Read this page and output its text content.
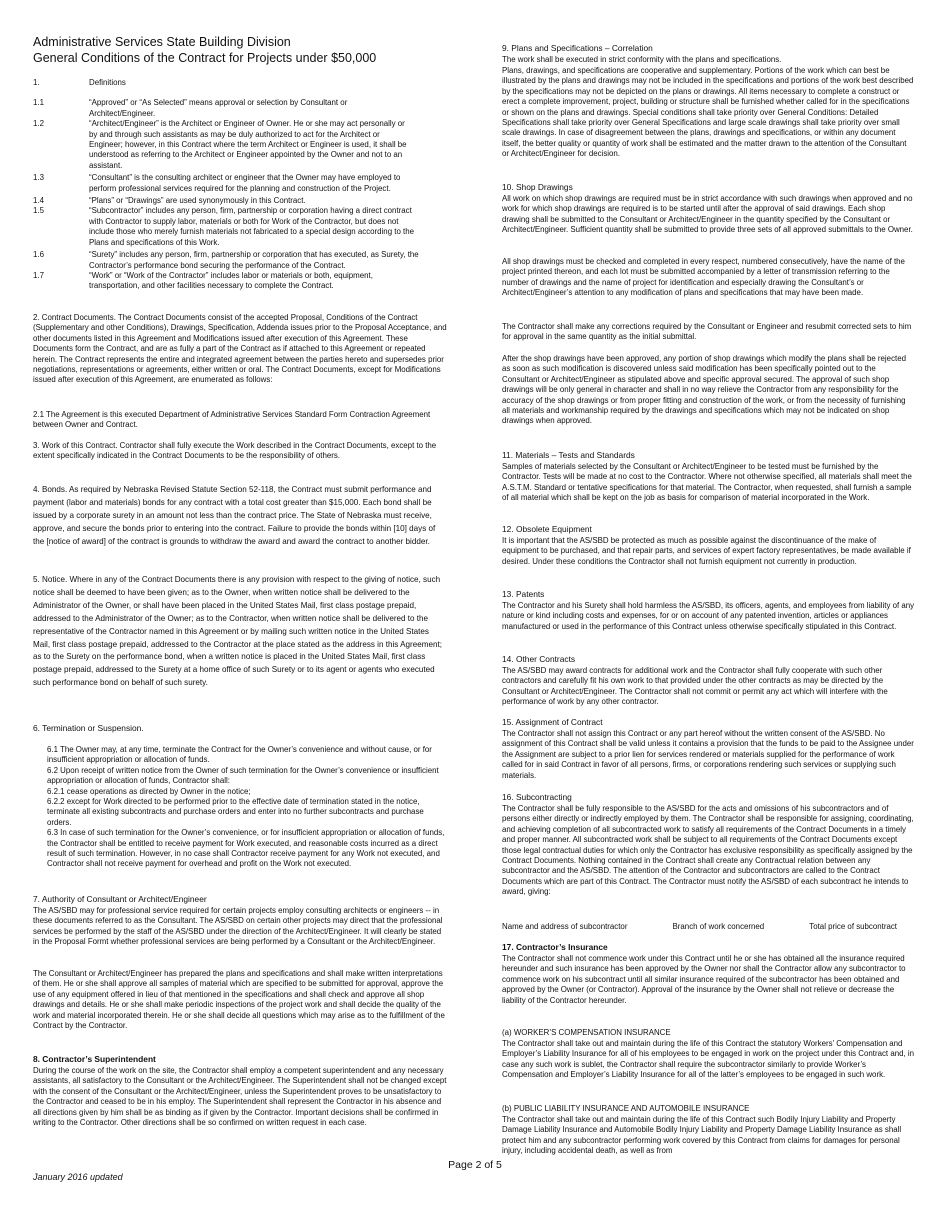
Administrative Services State Building Division
General Conditions of the Contract for Projects under $50,000
1.	Definitions
1.1	“Approved” or “As Selected” means approval or selection by Consultant or Architect/Engineer.
1.2	“Architect/Engineer” is the Architect or Engineer of Owner. He or she may act personally or by and through such assistants as may be duly authorized to act for the Architect or Engineer; however, in this Contract where the term Architect or Engineer is used, it shall be understood as referring to the Architect or Engineer appointed by the Owner and not to an assistant.
1.3	“Consultant” is the consulting architect or engineer that the Owner may have employed to perform professional services required for the planning and construction of the Project.
1.4	“Plans” or “Drawings” are used synonymously in this Contract.
1.5	“Subcontractor” includes any person, firm, partnership or corporation having a direct contract with Contractor to supply labor, materials or both for Work of the Contractor, but does not include those who merely furnish materials not fabricated to a special design according to the Plans and specifications of this Work.
1.6	“Surety” includes any person, firm, partnership or corporation that has executed, as Surety, the Contractor’s performance bond securing the performance of the Contract.
1.7	“Work” or “Work of the Contractor” includes labor or materials or both, equipment, transportation, and other facilities necessary to complete the Contract.

2. Contract Documents. The Contract Documents consist of the accepted Proposal, Conditions of the Contract (Supplementary and other Conditions), Drawings, Specification, Addenda issues prior to the Proposal Acceptance, and other documents listed in this Agreement and Modifications issued after execution of this Agreement. These Documents form the Contract, and are as fully a part of the Contract as if attached to this Agreement or repeated herein. The Contract represents the entire and integrated agreement between the parties hereto and supersedes prior negotiations, representations or agreements, either written or oral. The Contract Documents, except for Modifications issued after execution of this Agreement, are enumerated as follows:

2.1 The Agreement is this executed Department of Administrative Services Standard Form Contraction Agreement between Owner and Contract.

3. Work of this Contract. Contractor shall fully execute the Work described in the Contract Documents, except to the extent specifically indicated in the Contract Documents to be the responsibility of others.

4. Bonds. As required by Nebraska Revised Statute Section 52-118, the Contract must submit performance and payment (labor and materials) bonds for any contract with a total cost greater than $15,000. Each bond shall be issued by a corporate surety in an amount not less than the contract price. The State of Nebraska must receive, approve, and secure the bonds prior to entering into the contract. Failure to provide the bonds within [10] days of the [notice of award] of the contract is grounds to withdraw the award and award the contract to another bidder.

5. Notice. Where in any of the Contract Documents there is any provision with respect to the giving of notice, such notice shall be deemed to have been given; as to the Owner, when written notice shall be delivered to the Administrator of the Owner, or shall have been placed in the United States Mail, first class postage prepaid, addressed to the Administrator of the Owner; as to the Contractor, when written notice shall be delivered to the representative of the Contractor named in this Agreement or by mailing such written notice in the United States Mail, first class postage prepaid, addressed to the Contractor at the place stated as the address in this Agreement; as to the Surety on the performance bond, when a written notice is placed in the United States Mail, first class postage prepaid, addressed to the Surety at a home office of such Surety or to its agent or agents who executed such performance bond on behalf of such surety.

6. Termination or Suspension.

6.1 The Owner may, at any time, terminate the Contract for the Owner’s convenience and without cause, or for insufficient appropriation or allocation of funds.

6.2 Upon receipt of written notice from the Owner of such termination for the Owner’s convenience or insufficient appropriation or allocation of funds, Contractor shall:

6.2.1 cease operations as directed by Owner in the notice;

6.2.2 except for Work directed to be performed prior to the effective date of termination stated in the notice, terminate all existing subcontracts and purchase orders and enter into no further subcontracts and purchase orders.

6.3 In case of such termination for the Owner’s convenience, or for insufficient appropriation or allocation of funds, the Contractor shall be entitled to receive payment for Work executed, and reasonable costs incurred as a direct result of such termination. However, in no case shall Contractor receive payment for any Work not executed, and Contractor shall not receive payment for overhead and profit on the Work not executed.

7. Authority of Consultant or Architect/Engineer

The AS/SBD may for professional service required for certain projects employ consulting architects or engineers -- in these documents referred to as the Consultant. The AS/SBD on certain other projects may direct that the professional services be performed by the staff of the AS/SBD under the direction of the Architect/Engineer. It will clearly be stated in the Proposal Formt whether professional services are being performed by a Consultant or the Architect/Engineer.

The Consultant or Architect/Engineer has prepared the plans and specifications and shall make written interpretations of them. He or she shall approve all samples of material which are specified to be submitted for approval, approve the use of any equipment offered in lieu of that mentioned in the specifications and shall check and approve all shop drawings and details. He or she shall make periodic inspections of the project work and shall decide the quality of the work and material incorporated therein. He or she shall decide all questions which may arise as to the fulfillment of the Contract by the Contractor.

8. Contractor’s Superintendent

During the course of the work on the site, the Contractor shall employ a competent superintendent and any necessary assistants, all satisfactory to the Consultant or the Architect/Engineer. The Superintendent shall not be changed except with the consent of the Consultant or the Architect/Engineer, unless the Superintendent proves to be unsatisfactory to the Contractor and ceased to be in his employ. The Superintendent shall represent the Contractor in his absence and all directions given by him shall be as binding as if given by the Contractor. Important decisions shall be confirmed in writing to the Contractor. Other directions shall be so confirmed on written request in each case.

9. Plans and Specifications – Correlation

The work shall be executed in strict conformity with the plans and specifications.

Plans, drawings, and specifications are cooperative and supplementary. Portions of the work which can best be illustrated by the plans and drawings may not be included in the specifications and portions of the work best described by the specifications may not be depicted on the plans or drawings. All items necessary to complete a construct or erect a complete improvement, project, building or structure shall be furnished whether called for in the specifications or shown on the plans and drawings. Special conditions shall take priority over General Conditions: Detailed Specifications shall take priority over General Specifications and large scale drawings shall take priority over small scale drawings. In case of disagreement between the plans, drawings and specifications, or within any document itself, the better quality or quantity of work shall be estimated and the matter drawn to the attention of the Consultant or Architect/Engineer for decision.

10. Shop Drawings

All work on which shop drawings are required must be in strict accordance with such drawings when approved and no work for which shop drawings are required is to be started until after the approval of said drawings. Each shop drawing shall be submitted to the Consultant or Architect/Engineer in the quantity specified by the Consultant or Architect/Engineer. Sufficient quantity shall be submitted to provide three sets of all approved submittals to the Owner.

All shop drawings must be checked and completed in every respect, numbered consecutively, have the name of the project printed thereon, and each lot must be submitted accompanied by a letter of transmission referring to the number of drawings and the name of project for identification and especially drawing the Consultant’s or Architect/Engineer’s attention to any modification of plans and specifications that may have been made.

The Contractor shall make any corrections required by the Consultant or Engineer and resubmit corrected sets to him for approval in the same quantity as the initial submittal.

After the shop drawings have been approved, any portion of shop drawings which modify the plans shall be rejected as soon as such modification is discovered unless said modification has been specifically pointed out to the Consultant or Architect/Engineer as stipulated above and specific approval secured. The approval of such shop drawings will be only general in character and shall in no way relieve the Contractor from any responsibility for the accuracy of the shop drawings or from proper fitting and construction of the work, or from the necessity of furnishing all materials and workmanship required by the drawings and specifications which may not be indicated on shop drawings when approved.

11. Materials – Tests and Standards

Samples of materials selected by the Consultant or Architect/Engineer to be tested must be furnished by the Contractor. Tests will be made at no cost to the Contractor. Where not otherwise specified, all materials shall meet the A.S.T.M. Standard or tentative specifications for that material. The Contractor, when requested, shall furnish a sample of all material which shall be kept on the job as basis for comparison of material incorporated in the Work.

12. Obsolete Equipment

It is important that the AS/SBD be protected as much as possible against the discontinuance of the make of equipment to be purchased, and that repair parts, and services of expert factory representatives, be made available if desired. Under these conditions the Contractor shall not furnish equipment not currently in production.

13. Patents

The Contractor and his Surety shall hold harmless the AS/SBD, its officers, agents, and employees from liability of any nature or kind including costs and expenses, for or on account of any patented invention, articles or appliances manufactured or used in the performance of this Contract unless otherwise specifically stipulated in this Contract.

14. Other Contracts

The AS/SBD may award contracts for additional work and the Contractor shall fully cooperate with such other contractors and carefully fit his own work to that provided under the other contracts as may be directed by the Consultant or Architect/Engineer. The Contractor shall not commit or permit any act which will interfere with the performance of work by any other contractor.

15. Assignment of Contract

The Contractor shall not assign this Contract or any part hereof without the written consent of the AS/SBD. No assignment of this Contract shall be valid unless it contains a provision that the funds to be paid to the Assignee under the Assignment are subject to a prior lien for services rendered or materials supplied for the performance of work called for in said Contract in favor of all persons, firms, or corporations rendering such services or supplying such materials.

16. Subcontracting

The Contractor shall be fully responsible to the AS/SBD for the acts and omissions of his subcontractors and of persons either directly or indirectly employed by them. The Contractor shall be responsible for assigning, coordinating, and achieving completion of all subcontracted work to satisfy all requirements of the Contract Documents in a timely and proper manner. All subcontracted work shall be subject to all requirements of the Contract Documents except those legal contractual duties for which only the Contractor has exclusive responsibility as specifically assigned by the Contract Documents. Nothing contained in the Contract shall create any Contractual relation between any subcontractor and the AS/SBD. The attention of the Contractor and subcontractors are called to the Contract Documents which are part of this Contract. The Contractor must notify the AS/SBD of each subcontract he intends to award, giving:

Name and address of subcontractor	Branch of work concerned	Total price of subcontract

17. Contractor’s Insurance

The Contractor shall not commence work under this Contract until he or she has obtained all the insurance required hereunder and such insurance has been approved by the Owner nor shall the Contractor allow any subcontractor to commence work on his subcontract until all similar insurance required of the subcontractor has been obtained and approved by the Owner (or Contractor). Approval of the insurance by the Owner shall not relieve or decrease the liability of the Contractor hereunder.

(a) WORKER’S COMPENSATION INSURANCE

The Contractor shall take out and maintain during the life of this Contract the statutory Workers’ Compensation and Employer’s Liability Insurance for all of his employees to be engaged in work on the project under this Contract and, in case any such work is sublet, the Contractor shall require the subcontractor similarly to provide Worker’s Compensation and Employer’s Liability Insurance for all of the latter’s employees to be engaged in such work.

(b) PUBLIC LIABILITY INSURANCE AND AUTOMOBILE INSURANCE

The Contractor shall take out and maintain during the life of this Contract such Bodily Injury Liability and Property Damage Liability Insurance and Automobile Bodily Injury Liability and Property Damage Liability Insurance as shall protect him and any subcontractor performing work covered by this Contract from claims for damages for personal injury, including accidental death, as well as from

Page 2 of 5
January 2016 updated
